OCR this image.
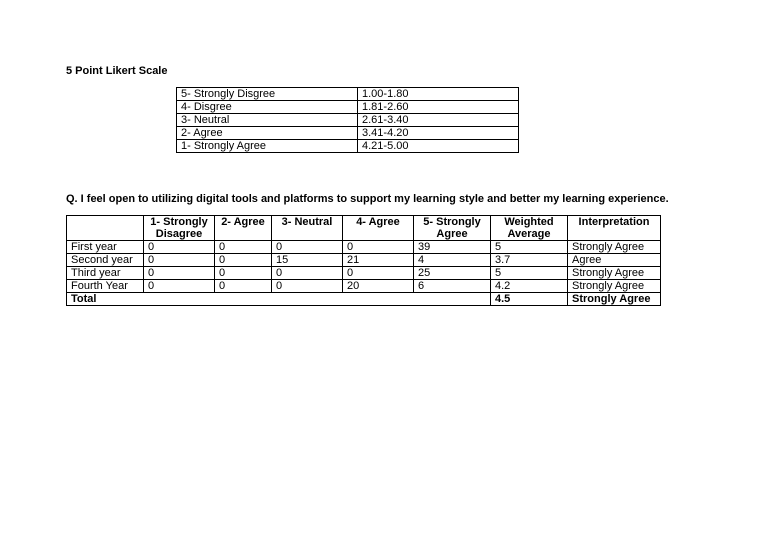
5 Point Likert Scale
5- Strongly Disgree	1.00-1.80
4- Disgree	1.81-2.60
3- Neutral	2.61-3.40
2- Agree	3.41-4.20
1- Strongly Agree	4.21-5.00
Q. I feel open to utilizing digital tools and platforms to support my learning style and better my learning experience.
	1- Strongly Disagree	2- Agree	3- Neutral	4- Agree	5- Strongly Agree	Weighted Average	Interpretation
First year	0	0	0	0	39	5	Strongly Agree
Second year	0	0	15	21	4	3.7	Agree
Third year	0	0	0	0	25	5	Strongly Agree
Fourth Year	0	0	0	20	6	4.2	Strongly Agree
Total						4.5	Strongly Agree
